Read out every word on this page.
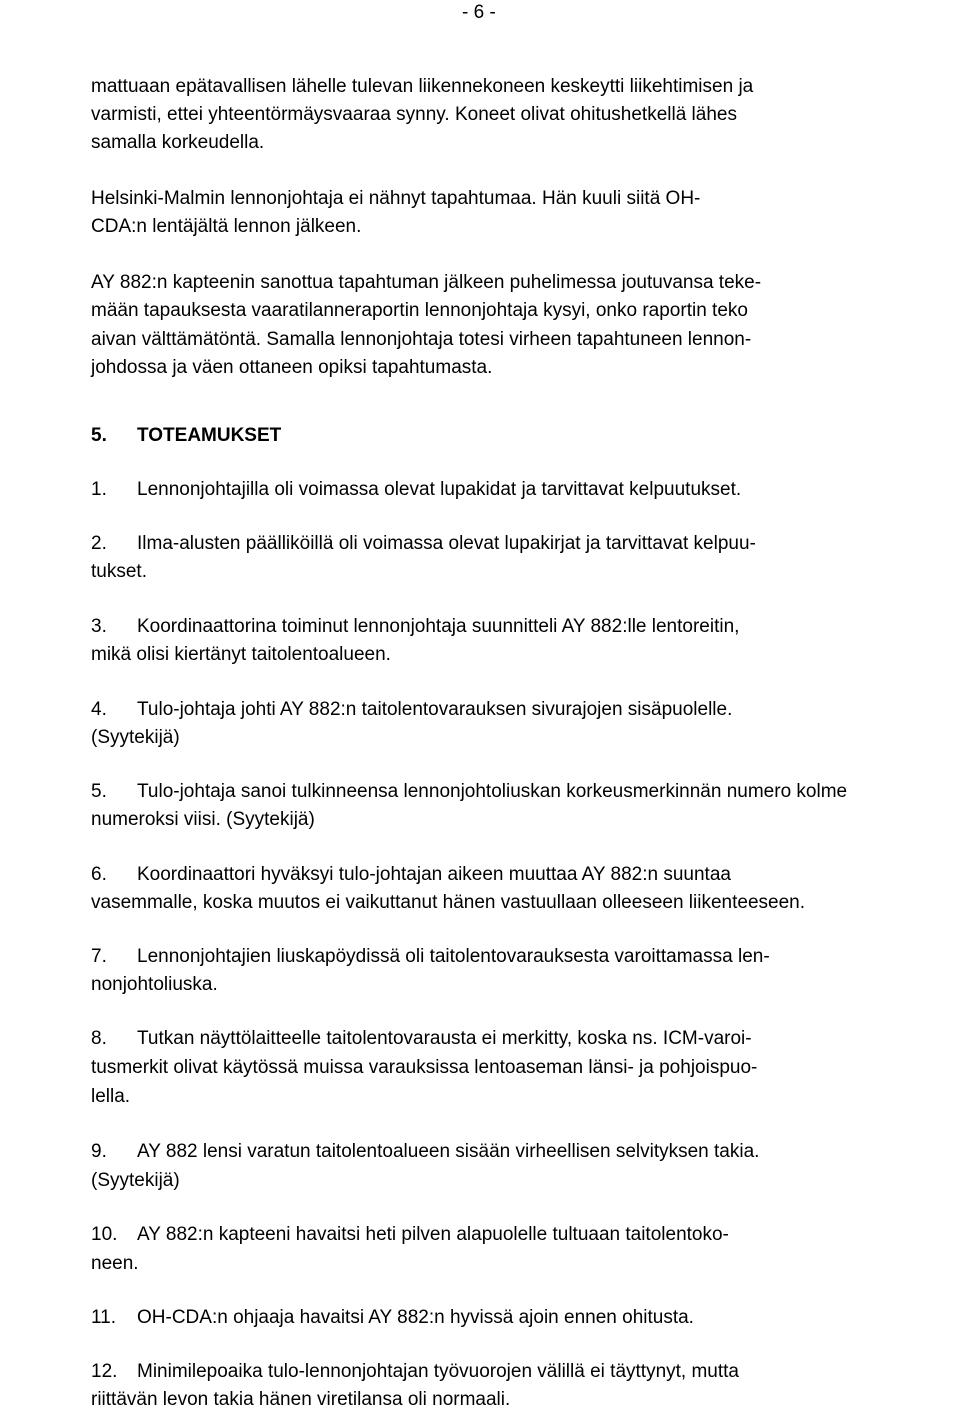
- 6 -
mattuaan epätavallisen lähelle tulevan liikennekoneen keskeytti liikehtimisen ja
varmisti, ettei yhteentörmäysvaaraa synny. Koneet olivat ohitushetkellä lähes
samalla korkeudella.
Helsinki-Malmin lennonjohtaja ei nähnyt tapahtumaa. Hän kuuli siitä OH-
CDA:n lentäjältä lennon jälkeen.
AY 882:n kapteenin sanottua tapahtuman jälkeen puhelimessa joutuvansa teke-
mään tapauksesta vaaratilanneraportin lennonjohtaja kysyi, onko raportin teko
aivan välttämätöntä. Samalla lennonjohtaja totesi virheen tapahtuneen lennon-
johdossa ja väen ottaneen opiksi tapahtumasta.
5. TOTEAMUKSET
1. Lennonjohtajilla oli voimassa olevat lupakidat ja tarvittavat kelpuutukset.
2. Ilma-alusten päälliköillä oli voimassa olevat lupakirjat ja tarvittavat kelpuu-
tukset.
3. Koordinaattorina toiminut lennonjohtaja suunnitteli AY 882:lle lentoreitin,
mikä olisi kiertänyt taitolentoalueen.
4. Tulo-johtaja johti AY 882:n taitolentovarauksen sivurajojen sisäpuolelle.
(Syytekijä)
5. Tulo-johtaja sanoi tulkinneensa lennonjohtoliuskan korkeusmerkinnän numero kolme
numeroksi viisi. (Syytekijä)
6. Koordinaattori hyväksyi tulo-johtajan aikeen muuttaa AY 882:n suuntaa
vasemmalle, koska muutos ei vaikuttanut hänen vastuullaan olleeseen liikenteeseen.
7. Lennonjohtajien liuskapöydissä oli taitolentovarauksesta varoittamassa len-
nonjohtoliuska.
8. Tutkan näyttölaitteelle taitolentovarausta ei merkitty, koska ns. ICM-varoi-
tusmerkit olivat käytössä muissa varauksissa lentoaseman länsi- ja pohjoispuo-
lella.
9. AY 882 lensi varatun taitolentoalueen sisään virheellisen selvityksen takia.
(Syytekijä)
10. AY 882:n kapteeni havaitsi heti pilven alapuolelle tultuaan taitolentoko-
neen.
11. OH-CDA:n ohjaaja havaitsi AY 882:n hyvissä ajoin ennen ohitusta.
12. Minimilepoaika tulo-lennonjohtajan työvuorojen välillä ei täyttynyt, mutta
riittävän levon takia hänen viretilansa oli normaali.
